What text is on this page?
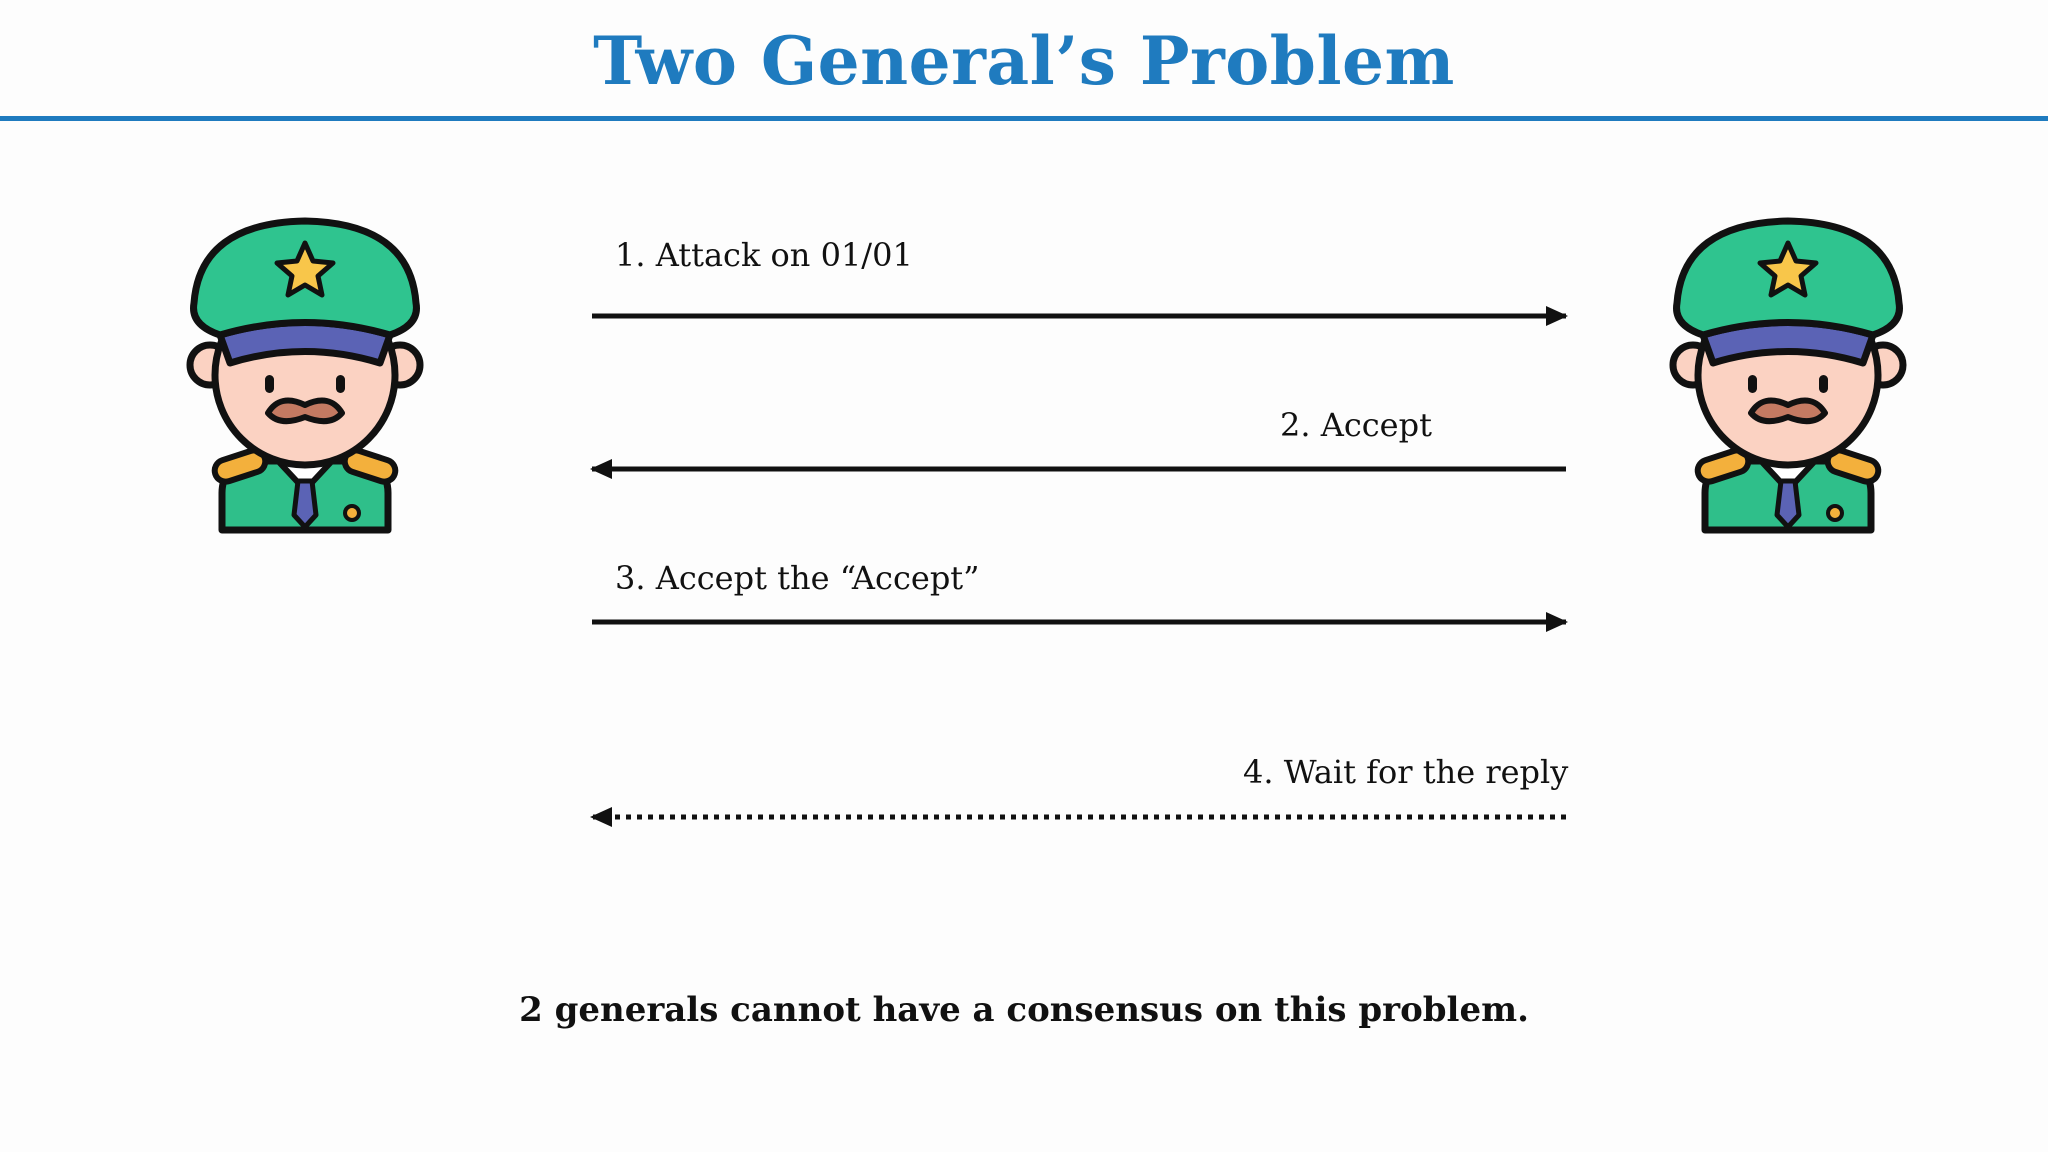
Two General’s Problem
1. Attack on 01/01
2. Accept
3. Accept the “Accept”
4. Wait for the reply
2 generals cannot have a consensus on this problem.
